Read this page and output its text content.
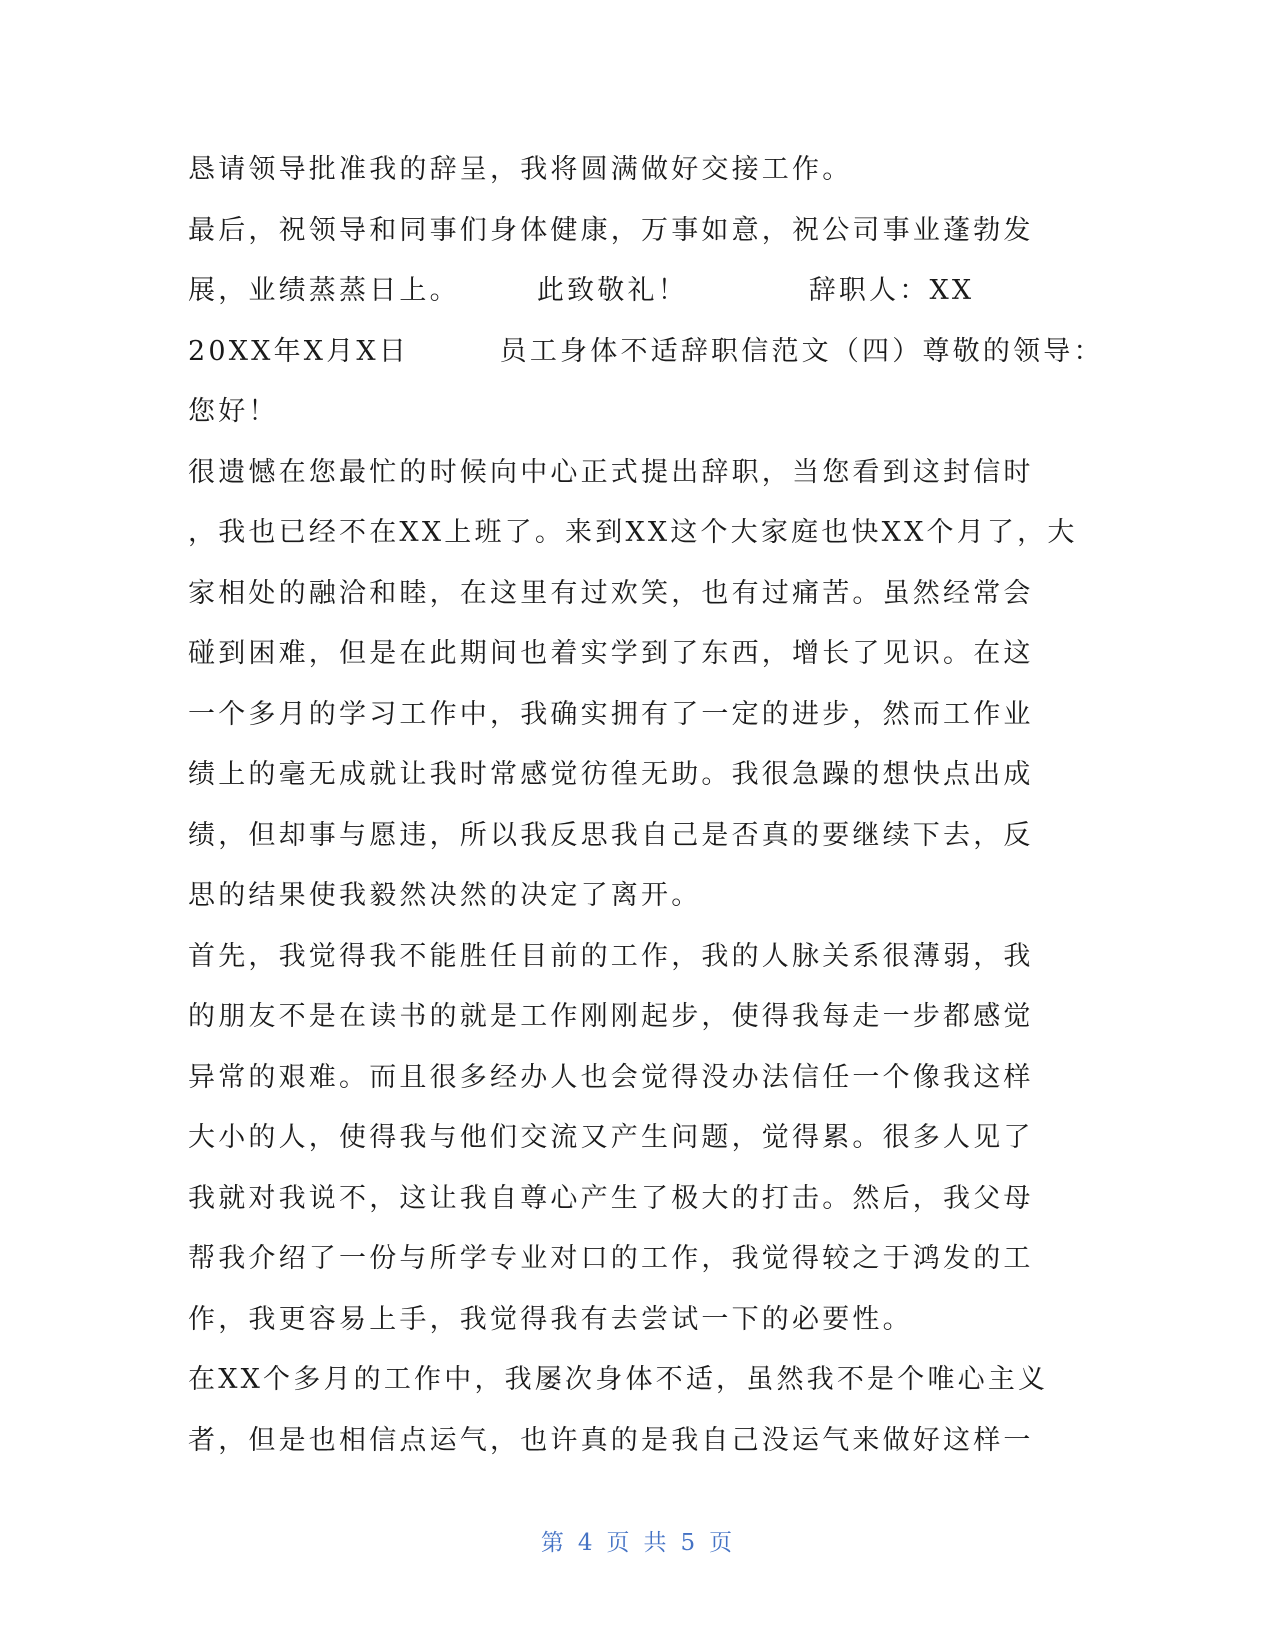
恳请领导批准我的辞呈，我将圆满做好交接工作。
最后，祝领导和同事们身体健康，万事如意，祝公司事业蓬勃发
展，业绩蒸蒸日上。　　　此致敬礼！　　　　辞职人：XX
20XX年X月X日　　　员工身体不适辞职信范文（四）尊敬的领导：
您好！
很遗憾在您最忙的时候向中心正式提出辞职，当您看到这封信时
，我也已经不在XX上班了。来到XX这个大家庭也快XX个月了，大
家相处的融洽和睦，在这里有过欢笑，也有过痛苦。虽然经常会
碰到困难，但是在此期间也着实学到了东西，增长了见识。在这
一个多月的学习工作中，我确实拥有了一定的进步，然而工作业
绩上的毫无成就让我时常感觉彷徨无助。我很急躁的想快点出成
绩，但却事与愿违，所以我反思我自己是否真的要继续下去，反
思的结果使我毅然决然的决定了离开。
首先，我觉得我不能胜任目前的工作，我的人脉关系很薄弱，我
的朋友不是在读书的就是工作刚刚起步，使得我每走一步都感觉
异常的艰难。而且很多经办人也会觉得没办法信任一个像我这样
大小的人，使得我与他们交流又产生问题，觉得累。很多人见了
我就对我说不，这让我自尊心产生了极大的打击。然后，我父母
帮我介绍了一份与所学专业对口的工作，我觉得较之于鸿发的工
作，我更容易上手，我觉得我有去尝试一下的必要性。
在XX个多月的工作中，我屡次身体不适，虽然我不是个唯心主义
者，但是也相信点运气，也许真的是我自己没运气来做好这样一
第 4 页 共 5 页
